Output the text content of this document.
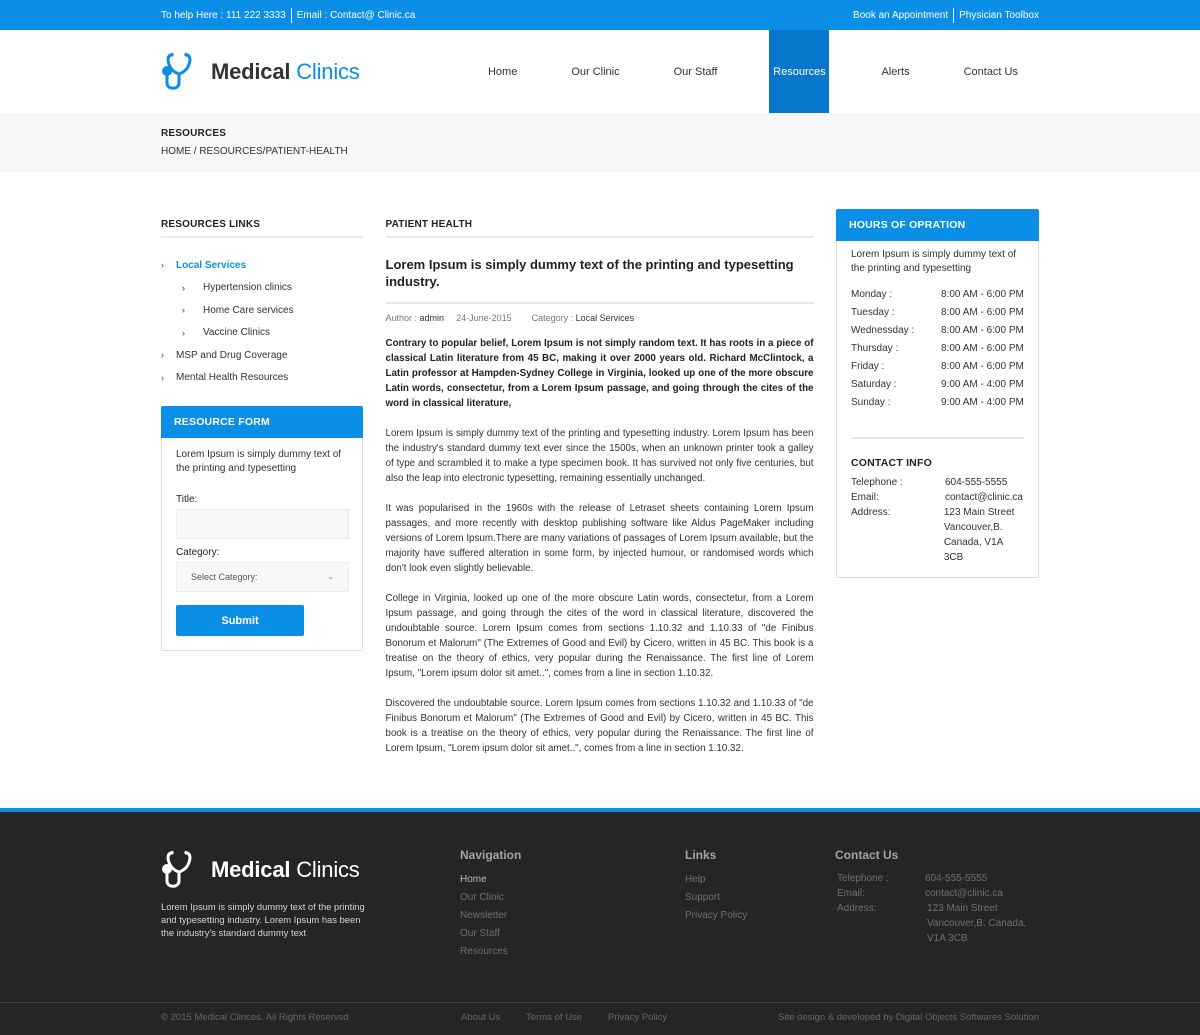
To help Here : 111 222 3333 Email : Contact@ Clinic.ca	Book an Appointment Physician Toolbox
Medical Clinics	Home	Our Clinic	Our Staff	Resources	Alerts	Contact Us
RESOURCES
HOME / RESOURCES/PATIENT-HEALTH
RESOURCES LINKS
›	Local Services
›	Hypertension clinics
›	Home Care services
›	Vaccine Clinics
›	MSP and Drug Coverage
›	Mental Health Resources
RESOURCE FORM
Lorem Ipsum is simply dummy text of the printing and typesetting
Title:
Category:
Select Category:	⌄
Submit
PATIENT HEALTH
Lorem Ipsum is simply dummy text of the printing and typesetting industry.
Author : admin 24-June-2015 Category : Local Services

Contrary to popular belief, Lorem Ipsum is not simply random text. It has roots in a piece of classical Latin literature from 45 BC, making it over 2000 years old. Richard McClintock, a Latin professor at Hampden-Sydney College in Virginia, looked up one of the more obscure Latin words, consectetur, from a Lorem Ipsum passage, and going through the cites of the word in classical literature,

Lorem Ipsum is simply dummy text of the printing and typesetting industry. Lorem Ipsum has been the industry's standard dummy text ever since the 1500s, when an unknown printer took a galley of type and scrambled it to make a type specimen book. It has survived not only five centuries, but also the leap into electronic typesetting, remaining essentially unchanged.

It was popularised in the 1960s with the release of Letraset sheets containing Lorem Ipsum passages, and more recently with desktop publishing software like Aldus PageMaker including versions of Lorem Ipsum.There are many variations of passages of Lorem Ipsum available, but the majority have suffered alteration in some form, by injected humour, or randomised words which don't look even slightly believable.

College in Virginia, looked up one of the more obscure Latin words, consectetur, from a Lorem Ipsum passage, and going through the cites of the word in classical literature, discovered the undoubtable source. Lorem Ipsum comes from sections 1.10.32 and 1.10.33 of "de Finibus Bonorum et Malorum" (The Extremes of Good and Evil) by Cicero, written in 45 BC. This book is a treatise on the theory of ethics, very popular during the Renaissance. The first line of Lorem Ipsum, "Lorem ipsum dolor sit amet..", comes from a line in section 1.10.32.

Discovered the undoubtable source. Lorem Ipsum comes from sections 1.10.32 and 1.10.33 of "de Finibus Bonorum et Malorum" (The Extremes of Good and Evil) by Cicero, written in 45 BC. This book is a treatise on the theory of ethics, very popular during the Renaissance. The first line of Lorem Ipsum, "Lorem ipsum dolor sit amet..", comes from a line in section 1.10.32.

HOURS OF OPRATION
Lorem Ipsum is simply dummy text of the printing and typesetting
Monday :	8:00 AM - 6:00 PM
Tuesday :	8:00 AM - 6:00 PM
Wednessday :	8:00 AM - 6:00 PM
Thursday :	8:00 AM - 6:00 PM
Friday :	8:00 AM - 6:00 PM
Saturday :	9:00 AM - 4:00 PM
Sunday :	9:00 AM - 4:00 PM
CONTACT INFO
Telephone :	604-555-5555
Email:	contact@clinic.ca
Address:	123 Main Street
Vancouver,B.
Canada, V1A 3CB
Medical Clinics
Lorem Ipsum is simply dummy text of the printing and typesetting industry. Lorem Ipsum has been the industry's standard dummy text
Navigation
Home
Our Clinic
Newsletter
Our Staff
Resources
Links
Help
Support
Privacy Policy
Contact Us
Telephone :	604-555-5555
Email:	contact@clinic.ca
Address:	123 Main Street
Vancouver,B. Canada,
V1A 3CB
© 2015 Medical Clinces. All Rights Reservsd	About Us	Terms of Use	Privacy Policy	Site design & developed by Digital Objects Softwares Solution
